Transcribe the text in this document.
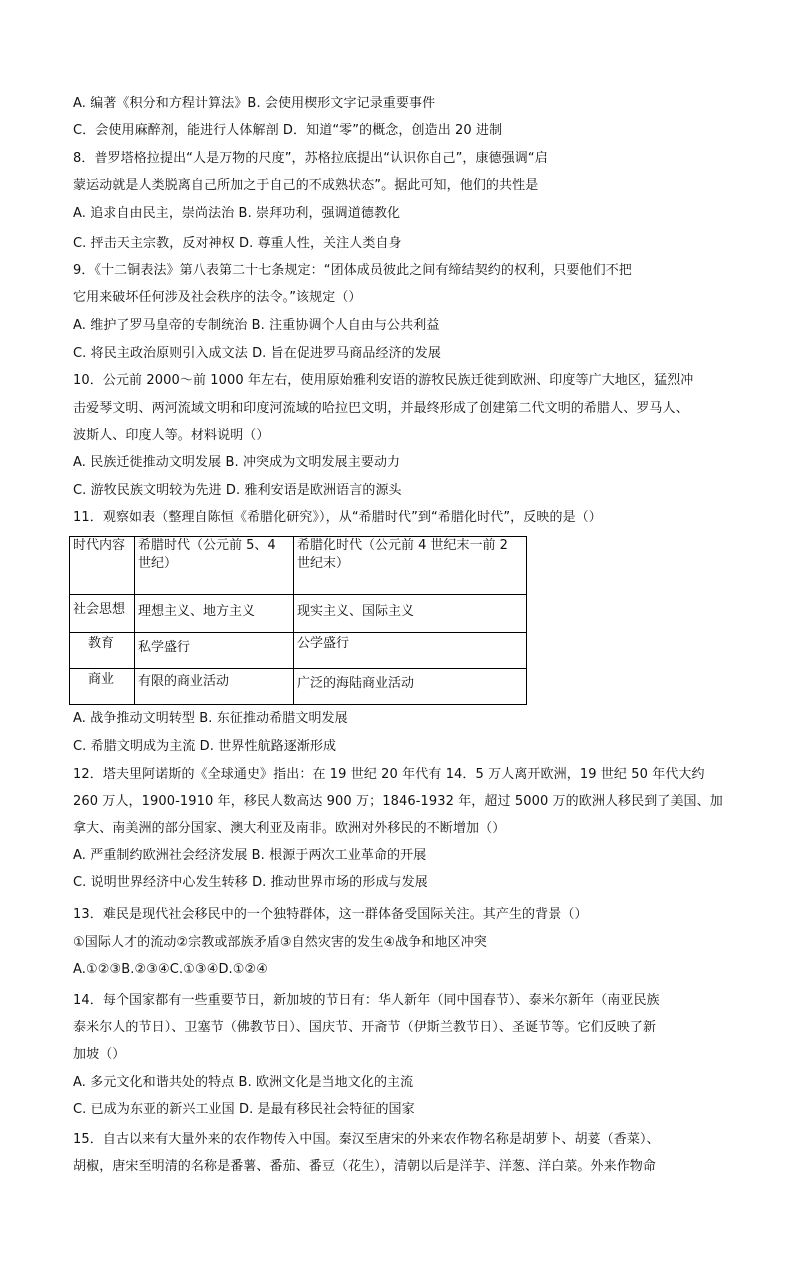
A. 编著《积分和方程计算法》B. 会使用楔形文字记录重要事件
C．会使用麻醉剂，能进行人体解剖 D．知道“零”的概念，创造出 20 进制
8．普罗塔格拉提出“人是万物的尺度”，苏格拉底提出“认识你自己”，康德强调“启
蒙运动就是人类脱离自己所加之于自己的不成熟状态”。据此可知，他们的共性是
A. 追求自由民主，崇尚法治 B. 崇拜功利，强调道德教化
C. 抨击天主宗教，反对神权 D. 尊重人性，关注人类自身
9．《十二铜表法》第八表第二十七条规定：“团体成员彼此之间有缔结契约的权利，只要他们不把
它用来破坏任何涉及社会秩序的法令。”该规定（）
A. 维护了罗马皇帝的专制统治 B. 注重协调个人自由与公共利益
C. 将民主政治原则引入成文法 D. 旨在促进罗马商品经济的发展
10．公元前 2000～前 1000 年左右，使用原始雅利安语的游牧民族迁徙到欧洲、印度等广大地区，猛烈冲
击爱琴文明、两河流域文明和印度河流域的哈拉巴文明，并最终形成了创建第二代文明的希腊人、罗马人、
波斯人、印度人等。材料说明（）
A. 民族迁徙推动文明发展 B. 冲突成为文明发展主要动力
C. 游牧民族文明较为先进 D. 雅利安语是欧洲语言的源头
11．观察如表（整理自陈恒《希腊化研究》），从“希腊时代”到“希腊化时代”，反映的是（）
时代内容	希腊时代（公元前 5、4 世纪）	希腊化时代（公元前 4 世纪末一前 2 世纪末）
社会思想	理想主义、地方主义	现实主义、国际主义
教育	私学盛行	公学盛行
商业	有限的商业活动	广泛的海陆商业活动
A. 战争推动文明转型 B. 东征推动希腊文明发展
C. 希腊文明成为主流 D. 世界性航路逐渐形成
12．塔夫里阿诺斯的《全球通史》指出：在 19 世纪 20 年代有 14．5 万人离开欧洲，19 世纪 50 年代大约
260 万人，1900-1910 年，移民人数高达 900 万；1846-1932 年，超过 5000 万的欧洲人移民到了美国、加
拿大、南美洲的部分国家、澳大利亚及南非。欧洲对外移民的不断增加（）
A. 严重制约欧洲社会经济发展 B. 根源于两次工业革命的开展
C. 说明世界经济中心发生转移 D. 推动世界市场的形成与发展
13．难民是现代社会移民中的一个独特群体，这一群体备受国际关注。其产生的背景（）
①国际人才的流动②宗教或部族矛盾③自然灾害的发生④战争和地区冲突
A.①②③B.②③④C.①③④D.①②④
14．每个国家都有一些重要节日，新加坡的节日有：华人新年（同中国春节）、泰米尔新年（南亚民族
泰米尔人的节日）、卫塞节（佛教节日）、国庆节、开斋节（伊斯兰教节日）、圣诞节等。它们反映了新
加坡（）
A. 多元文化和谐共处的特点 B. 欧洲文化是当地文化的主流
C. 已成为东亚的新兴工业国 D. 是最有移民社会特征的国家
15．自古以来有大量外来的农作物传入中国。秦汉至唐宋的外来农作物名称是胡萝卜、胡荽（香菜）、
胡椒，唐宋至明清的名称是番薯、番茄、番豆（花生），清朝以后是洋芋、洋葱、洋白菜。外来作物命
